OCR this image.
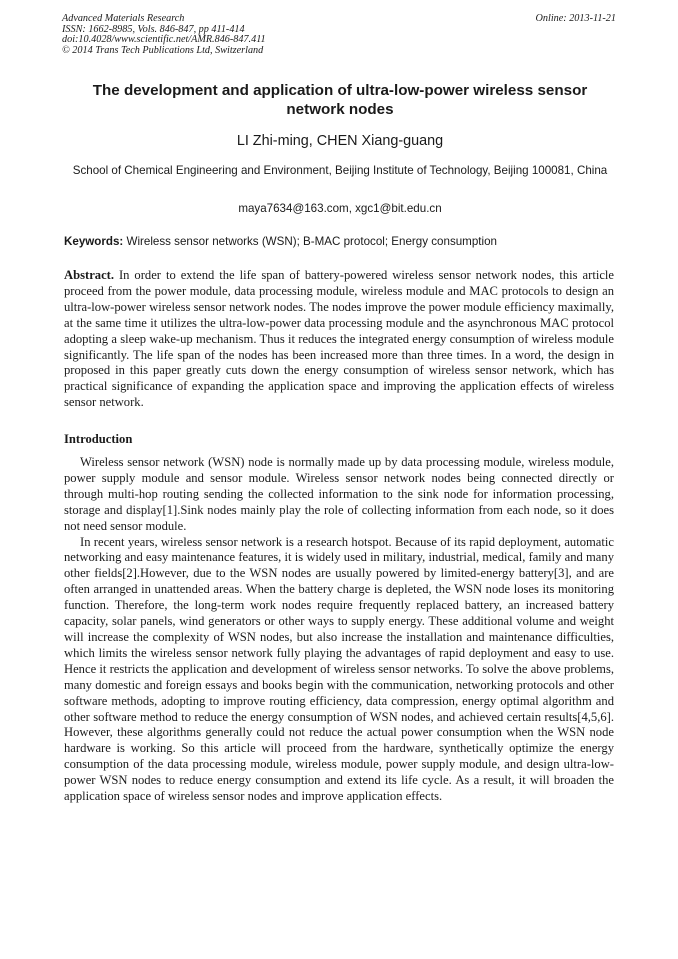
Advanced Materials Research
ISSN: 1662-8985, Vols. 846-847, pp 411-414
doi:10.4028/www.scientific.net/AMR.846-847.411
© 2014 Trans Tech Publications Ltd, Switzerland
Online: 2013-11-21
The development and application of ultra-low-power wireless sensor network nodes
LI Zhi-ming, CHEN Xiang-guang
School of Chemical Engineering and Environment, Beijing Institute of Technology, Beijing 100081, China
maya7634@163.com, xgc1@bit.edu.cn
Keywords: Wireless sensor networks (WSN); B-MAC protocol; Energy consumption
Abstract. In order to extend the life span of battery-powered wireless sensor network nodes, this article proceed from the power module, data processing module, wireless module and MAC protocols to design an ultra-low-power wireless sensor network nodes. The nodes improve the power module efficiency maximally, at the same time it utilizes the ultra-low-power data processing module and the asynchronous MAC protocol adopting a sleep wake-up mechanism. Thus it reduces the integrated energy consumption of wireless module significantly. The life span of the nodes has been increased more than three times. In a word, the design in proposed in this paper greatly cuts down the energy consumption of wireless sensor network, which has practical significance of expanding the application space and improving the application effects of wireless sensor network.
Introduction

Wireless sensor network (WSN) node is normally made up by data processing module, wireless module, power supply module and sensor module. Wireless sensor network nodes being connected directly or through multi-hop routing sending the collected information to the sink node for information processing, storage and display[1].Sink nodes mainly play the role of collecting information from each node, so it does not need sensor module.

In recent years, wireless sensor network is a research hotspot. Because of its rapid deployment, automatic networking and easy maintenance features, it is widely used in military, industrial, medical, family and many other fields[2].However, due to the WSN nodes are usually powered by limited-energy battery[3], and are often arranged in unattended areas. When the battery charge is depleted, the WSN node loses its monitoring function. Therefore, the long-term work nodes require frequently replaced battery, an increased battery capacity, solar panels, wind generators or other ways to supply energy. These additional volume and weight will increase the complexity of WSN nodes, but also increase the installation and maintenance difficulties, which limits the wireless sensor network fully playing the advantages of rapid deployment and easy to use. Hence it restricts the application and development of wireless sensor networks. To solve the above problems, many domestic and foreign essays and books begin with the communication, networking protocols and other software methods, adopting to improve routing efficiency, data compression, energy optimal algorithm and other software method to reduce the energy consumption of WSN nodes, and achieved certain results[4,5,6]. However, these algorithms generally could not reduce the actual power consumption when the WSN node hardware is working. So this article will proceed from the hardware, synthetically optimize the energy consumption of the data processing module, wireless module, power supply module, and design ultra-low-power WSN nodes to reduce energy consumption and extend its life cycle. As a result, it will broaden the application space of wireless sensor nodes and improve application effects.
